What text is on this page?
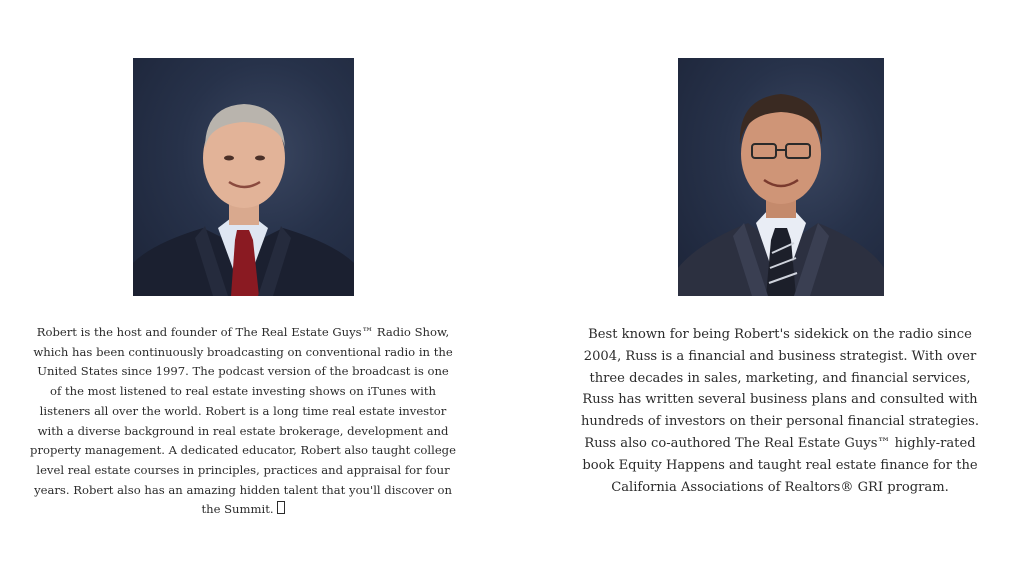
Robert is the host and founder of The Real Estate Guys™ Radio Show, which has been continuously broadcasting on conventional radio in the United States since 1997. The podcast version of the broadcast is one of the most listened to real estate investing shows on iTunes with listeners all over the world. Robert is a long time real estate investor with a diverse background in real estate brokerage, development and property management. A dedicated educator, Robert also taught college level real estate courses in principles, practices and appraisal for four years. Robert also has an amazing hidden talent that you'll discover on the Summit.

Best known for being Robert's sidekick on the radio since 2004, Russ is a financial and business strategist. With over three decades in sales, marketing, and financial services, Russ has written several business plans and consulted with hundreds of investors on their personal financial strategies. Russ also co-authored The Real Estate Guys™ highly-rated book Equity Happens and taught real estate finance for the California Associations of Realtors® GRI program.
